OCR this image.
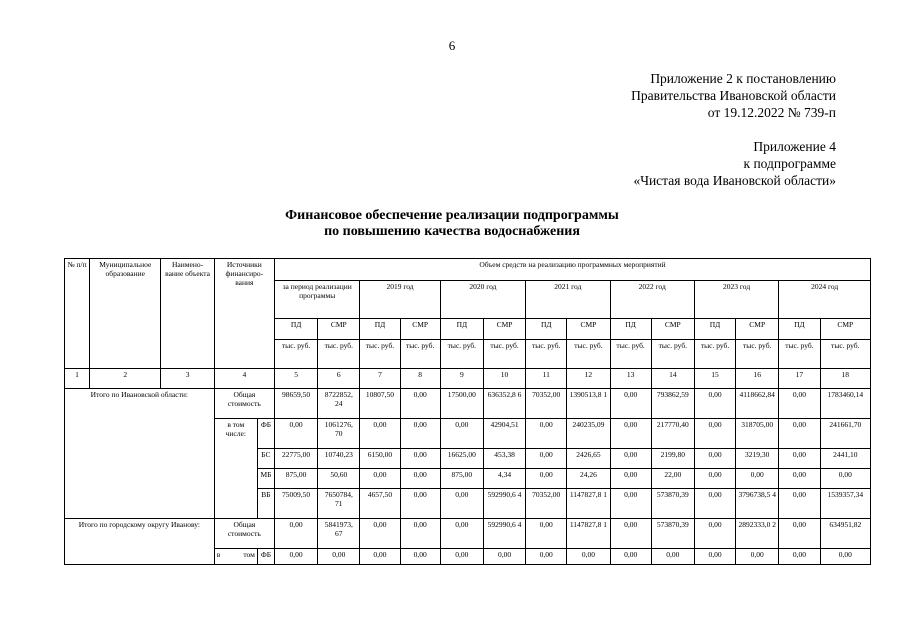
6
Приложение 2 к постановлению
Правительства Ивановской области
от 19.12.2022 № 739-п
Приложение 4
к подпрограмме
«Чистая вода Ивановской области»
Финансовое обеспечение реализации подпрограммы
по повышению качества водоснабжения
№ п/п	Муниципальное образование	Наимено-вание объекта	Источники финансиро-вания		Объем средств на реализацию программных мероприятий													
					за период реализации программы		2019 год		2020 год		2021 год		2022 год		2023 год		2024 год	
					ПД	СМР	ПД	СМР	ПД	СМР	ПД	СМР	ПД	СМР	ПД	СМР	ПД	СМР
					тыс. руб.	тыс. руб.	тыс. руб.	тыс. руб.	тыс. руб.	тыс. руб.	тыс. руб.	тыс. руб.	тыс. руб.	тыс. руб.	тыс. руб.	тыс. руб.	тыс. руб.	тыс. руб.
1	2	3	4		5	6	7	8	9	10	11	12	13	14	15	16	17	18
Итого по Ивановской области:			Общая стоимость		98659,50	8722852, 24	10807,50	0,00	17500,00	636352,8 6	70352,00	1390513,8 1	0,00	793862,59	0,00	4118662,84	0,00	1783460,14
			в том числе:	ФБ	0,00	1061276, 70	0,00	0,00	0,00	42904,51	0,00	240235,09	0,00	217770,40	0,00	318705,00	0,00	241661,70
				БС	22775,00	10740,23	6150,00	0,00	16625,00	453,38	0,00	2426,65	0,00	2199,80	0,00	3219,30	0,00	2441,10
				МБ	875,00	50,60	0,00	0,00	875,00	4,34	0,00	24,26	0,00	22,00	0,00	0,00	0,00	0,00
				ВБ	75009,50	7650784, 71	4657,50	0,00	0,00	592990,6 4	70352,00	1147827,8 1	0,00	573870,39	0,00	3796738,5 4	0,00	1539357,34
Итого по городскому округу Иванову:			Общая стоимость		0,00	5841973, 67	0,00	0,00	0,00	592990,6 4	0,00	1147827,8 1	0,00	573870,39	0,00	2892333,0 2	0,00	634951,82

			в том	ФБ	0,00	0,00	0,00	0,00	0,00	0,00	0,00	0,00	0,00	0,00	0,00	0,00	0,00	0,00
